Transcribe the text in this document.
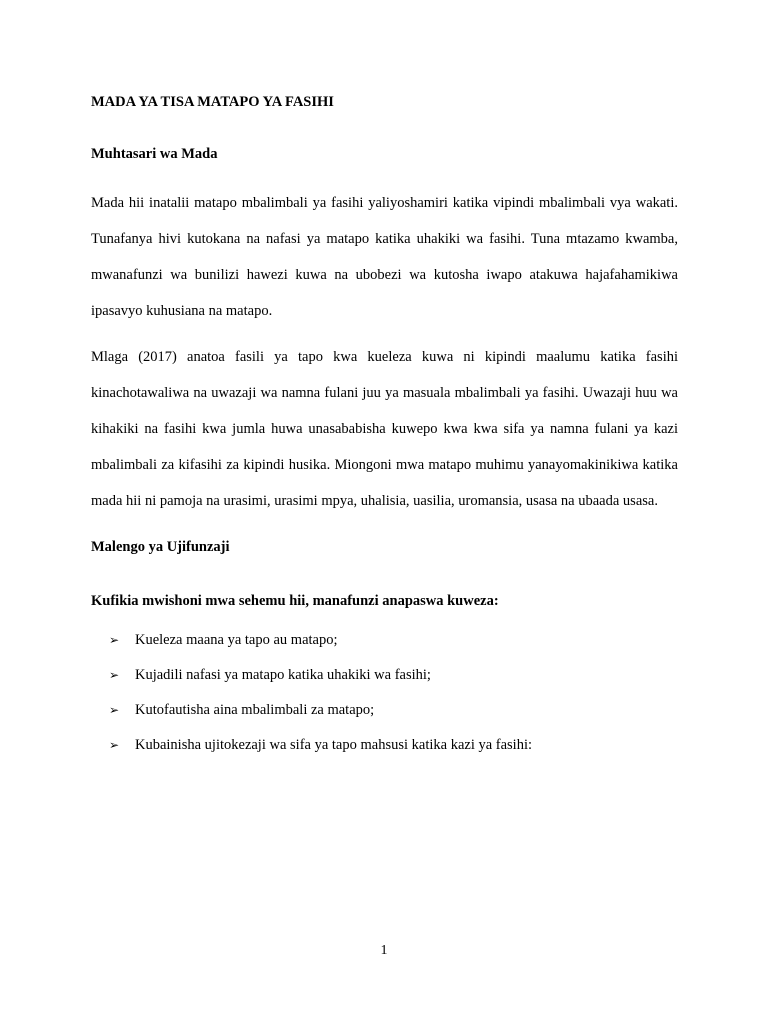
MADA YA TISA MATAPO YA FASIHI

Muhtasari wa Mada

Mada hii inatalii matapo mbalimbali ya fasihi yaliyoshamiri katika vipindi mbalimbali vya wakati. Tunafanya hivi kutokana na nafasi ya matapo katika uhakiki wa fasihi. Tuna mtazamo kwamba, mwanafunzi wa bunilizi hawezi kuwa na ubobezi wa kutosha iwapo atakuwa hajafahamikiwa ipasavyo kuhusiana na matapo.

Mlaga (2017) anatoa fasili ya tapo kwa kueleza kuwa ni kipindi maalumu katika fasihi kinachotawaliwa na uwazaji wa namna fulani juu ya masuala mbalimbali ya fasihi. Uwazaji huu wa kihakiki na fasihi kwa jumla huwa unasababisha kuwepo kwa kwa sifa ya namna fulani ya kazi mbalimbali za kifasihi za kipindi husika. Miongoni mwa matapo muhimu yanayomakinikiwa katika mada hii ni pamoja na urasimi, urasimi mpya, uhalisia, uasilia, uromansia, usasa na ubaada usasa.

Malengo ya Ujifunzaji

Kufikia mwishoni mwa sehemu hii, manafunzi anapaswa kuweza:

➢ Kueleza maana ya tapo au matapo;
➢ Kujadili nafasi ya matapo katika uhakiki wa fasihi;
➢ Kutofautisha aina mbalimbali za matapo;
➢ Kubainisha ujitokezaji wa sifa ya tapo mahsusi katika kazi ya fasihi:
1
